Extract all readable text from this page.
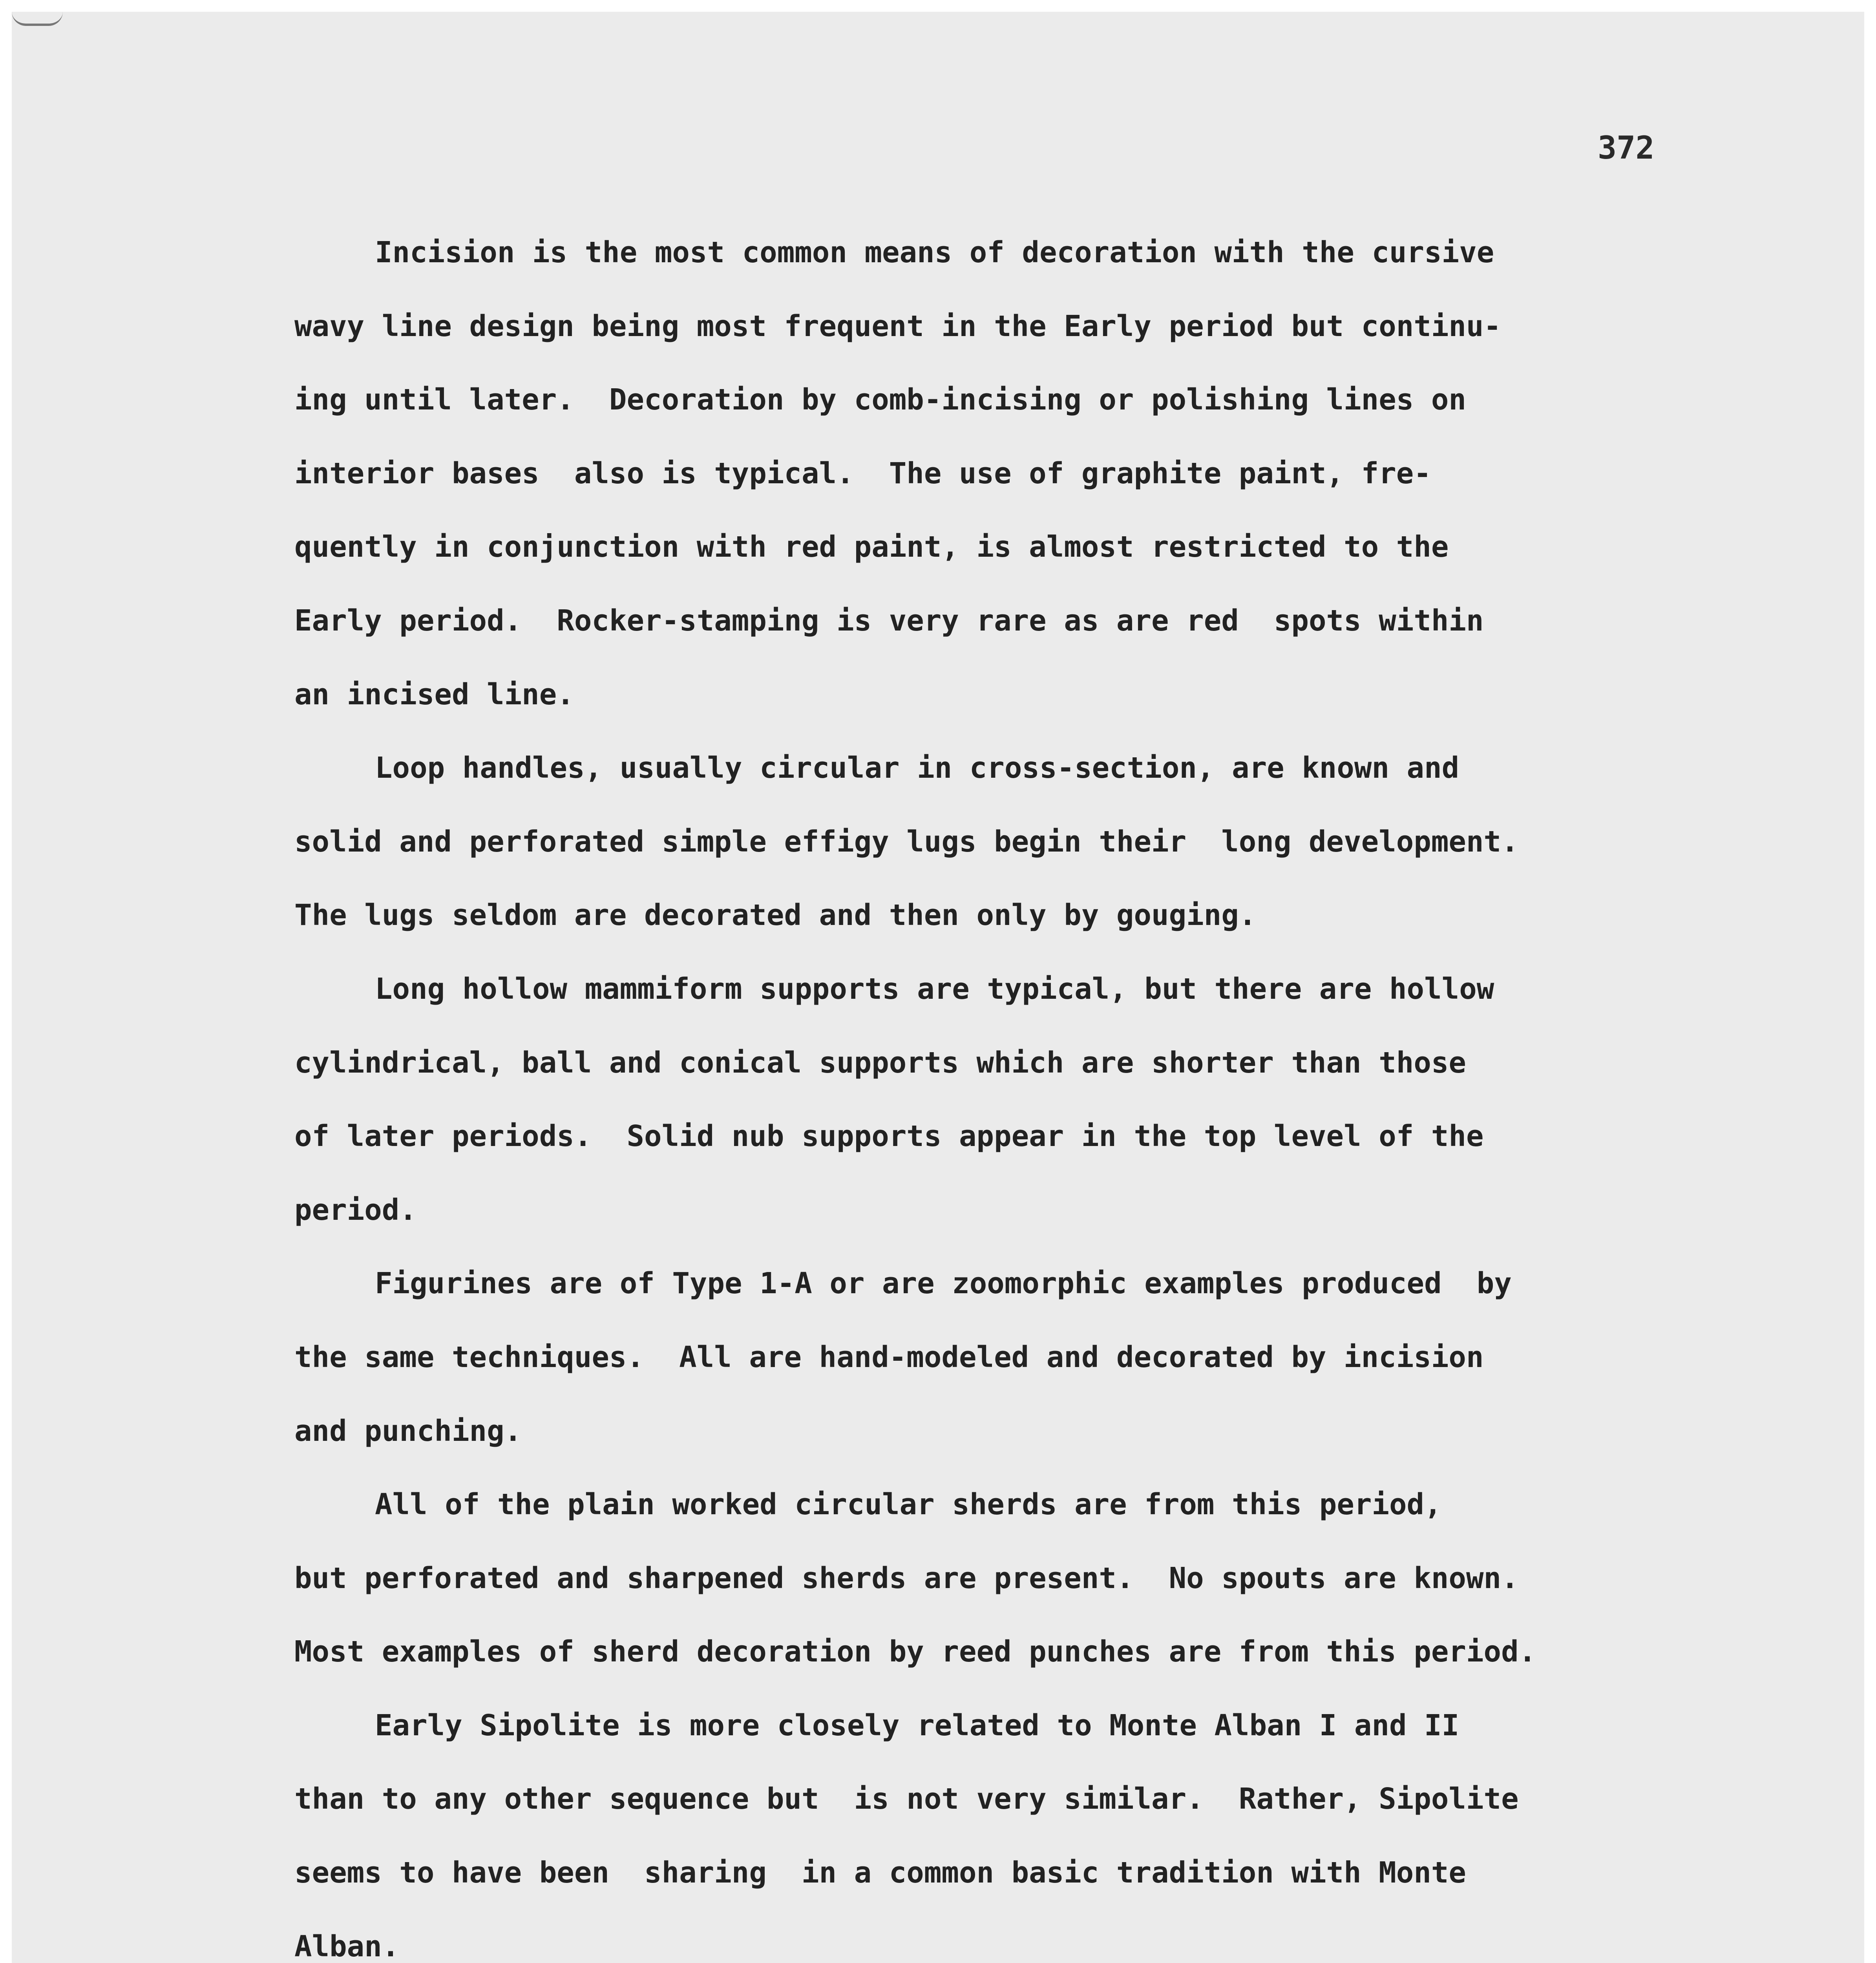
372
Incision is the most common means of decoration with the cursive
wavy line design being most frequent in the Early period but continu-
ing until later.  Decoration by comb-incising or polishing lines on
interior bases  also is typical.  The use of graphite paint, fre-
quently in conjunction with red paint, is almost restricted to the
Early period.  Rocker-stamping is very rare as are red  spots within
an incised line.
Loop handles, usually circular in cross-section, are known and
solid and perforated simple effigy lugs begin their  long development.
The lugs seldom are decorated and then only by gouging.
Long hollow mammiform supports are typical, but there are hollow
cylindrical, ball and conical supports which are shorter than those
of later periods.  Solid nub supports appear in the top level of the
period.
Figurines are of Type 1-A or are zoomorphic examples produced  by
the same techniques.  All are hand-modeled and decorated by incision
and punching.
All of the plain worked circular sherds are from this period,
but perforated and sharpened sherds are present.  No spouts are known.
Most examples of sherd decoration by reed punches are from this period.
Early Sipolite is more closely related to Monte Alban I and II
than to any other sequence but  is not very similar.  Rather, Sipolite
seems to have been  sharing  in a common basic tradition with Monte
Alban.
